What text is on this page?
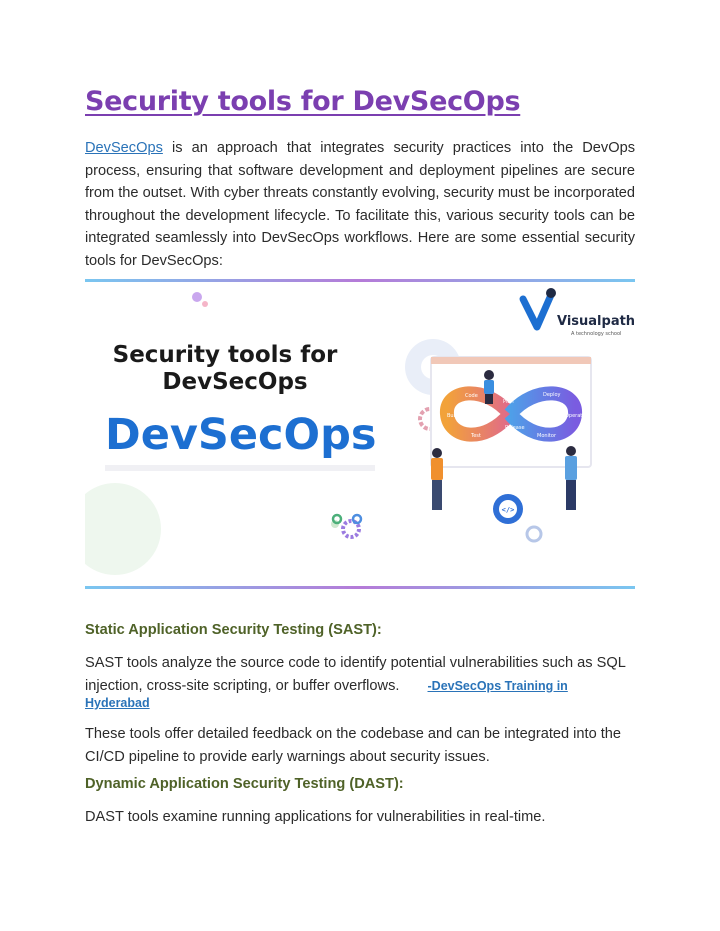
Security tools for DevSecOps

DevSecOps is an approach that integrates security practices into the DevOps process, ensuring that software development and deployment pipelines are secure from the outset. With cyber threats constantly evolving, security must be incorporated throughout the development lifecycle. To facilitate this, various security tools can be integrated seamlessly into DevSecOps workflows. Here are some essential security tools for DevSecOps:

Security tools for
DevSecOps
DevSecOps
Visualpath
A technology school
Code	Deploy
Build	Operate
Test	Monitor
Plan
Release
</>
Static Application Security Testing (SAST):

SAST tools analyze the source code to identify potential vulnerabilities such as SQL injection, cross-site scripting, or buffer overflows. -DevSecOps Training in
Hyderabad

These tools offer detailed feedback on the codebase and can be integrated into the CI/CD pipeline to provide early warnings about security issues.

Dynamic Application Security Testing (DAST):

DAST tools examine running applications for vulnerabilities in real-time.
